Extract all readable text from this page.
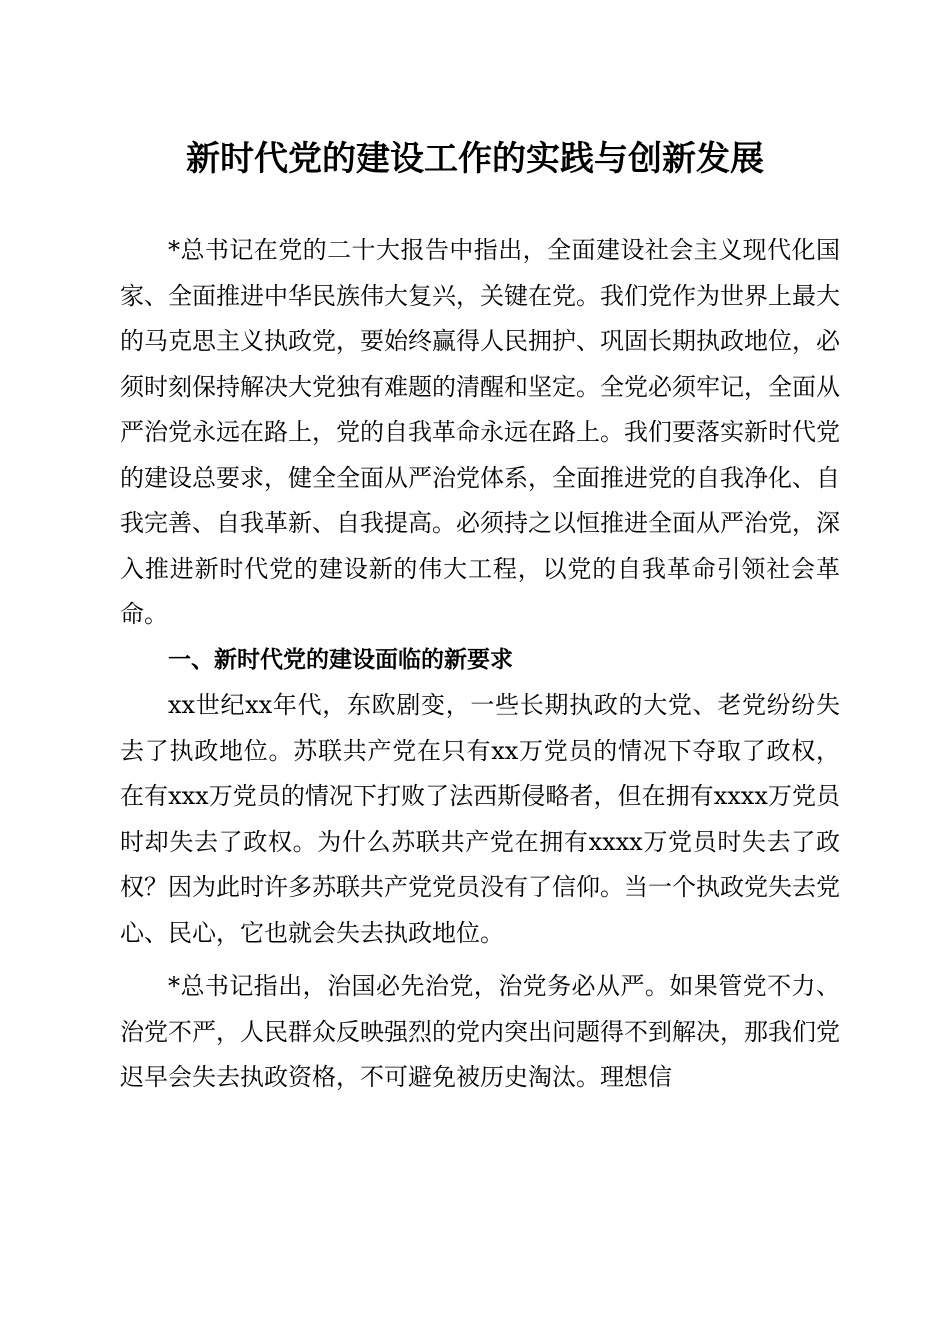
新时代党的建设工作的实践与创新发展

*总书记在党的二十大报告中指出，全面建设社会主义现代化国家、全面推进中华民族伟大复兴，关键在党。我们党作为世界上最大的马克思主义执政党，要始终赢得人民拥护、巩固长期执政地位，必须时刻保持解决大党独有难题的清醒和坚定。全党必须牢记，全面从严治党永远在路上，党的自我革命永远在路上。我们要落实新时代党的建设总要求，健全全面从严治党体系，全面推进党的自我净化、自我完善、自我革新、自我提高。必须持之以恒推进全面从严治党，深入推进新时代党的建设新的伟大工程，以党的自我革命引领社会革命。

一、新时代党的建设面临的新要求

xx世纪xx年代，东欧剧变，一些长期执政的大党、老党纷纷失去了执政地位。苏联共产党在只有xx万党员的情况下夺取了政权，在有xxx万党员的情况下打败了法西斯侵略者，但在拥有xxxx万党员时却失去了政权。为什么苏联共产党在拥有xxxx万党员时失去了政权？因为此时许多苏联共产党党员没有了信仰。当一个执政党失去党心、民心，它也就会失去执政地位。

*总书记指出，治国必先治党，治党务必从严。如果管党不力、治党不严，人民群众反映强烈的党内突出问题得不到解决，那我们党迟早会失去执政资格，不可避免被历史淘汰。理想信
